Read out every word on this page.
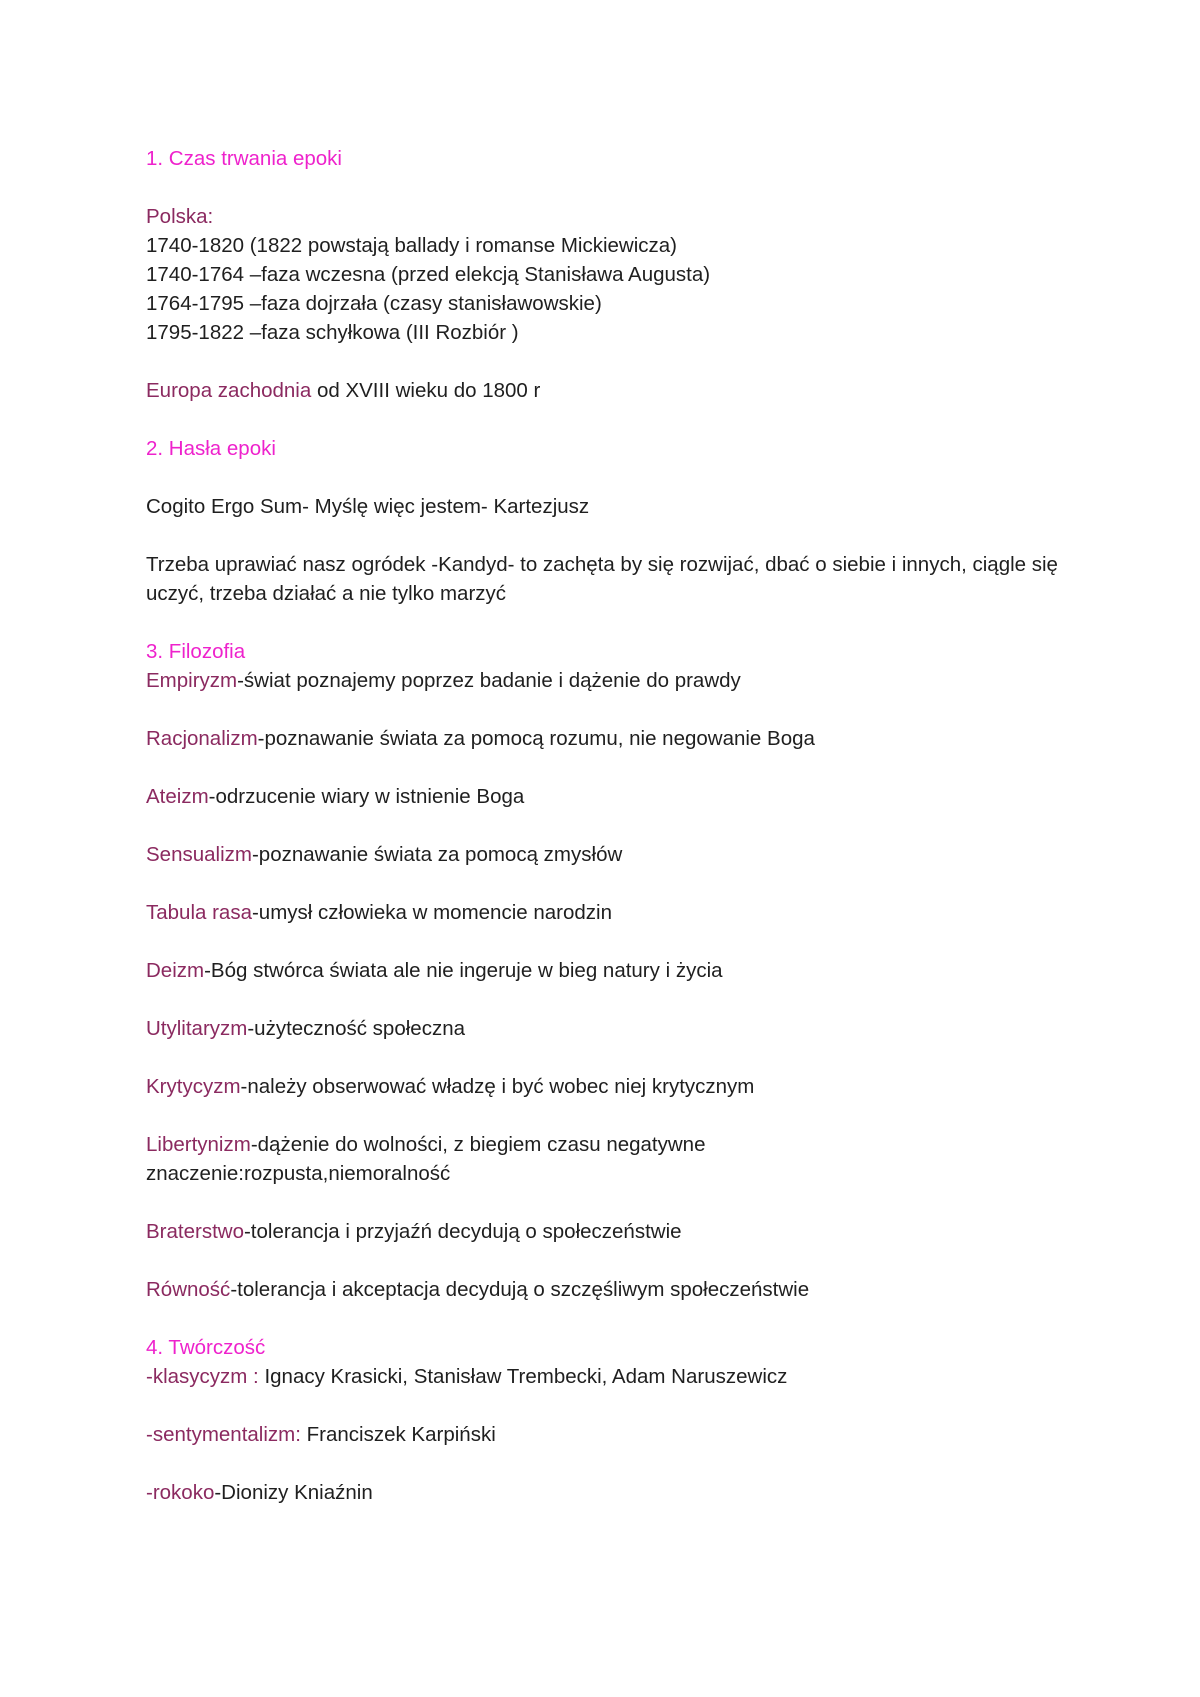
1. Czas trwania epoki
Polska:
1740-1820 (1822 powstają ballady i romanse Mickiewicza)
1740-1764 –faza wczesna (przed elekcją Stanisława Augusta)
1764-1795 –faza dojrzała (czasy stanisławowskie)
1795-1822 –faza schyłkowa (III Rozbiór )
Europa zachodnia od XVIII wieku do 1800 r
2. Hasła epoki
Cogito Ergo Sum- Myślę więc jestem- Kartezjusz
Trzeba uprawiać nasz ogródek -Kandyd- to zachęta by się rozwijać, dbać o siebie i innych, ciągle się uczyć, trzeba działać a nie tylko marzyć
3. Filozofia
Empiryzm-świat poznajemy poprzez badanie i dążenie do prawdy
Racjonalizm-poznawanie świata za pomocą rozumu, nie negowanie Boga
Ateizm-odrzucenie wiary w istnienie Boga
Sensualizm-poznawanie świata za pomocą zmysłów
Tabula rasa-umysł człowieka w momencie narodzin
Deizm-Bóg stwórca świata ale nie ingeruje w bieg natury i życia
Utylitaryzm-użyteczność społeczna
Krytycyzm-należy obserwować władzę i być wobec niej krytycznym
Libertynizm-dążenie do wolności, z biegiem czasu negatywne
znaczenie:rozpusta,niemoralność
Braterstwo-tolerancja i przyjaźń decydują o społeczeństwie
Równość-tolerancja i akceptacja decydują o szczęśliwym społeczeństwie
4. Twórczość
-klasycyzm : Ignacy Krasicki, Stanisław Trembecki, Adam Naruszewicz
-sentymentalizm: Franciszek Karpiński
-rokoko-Dionizy Kniaźnin
